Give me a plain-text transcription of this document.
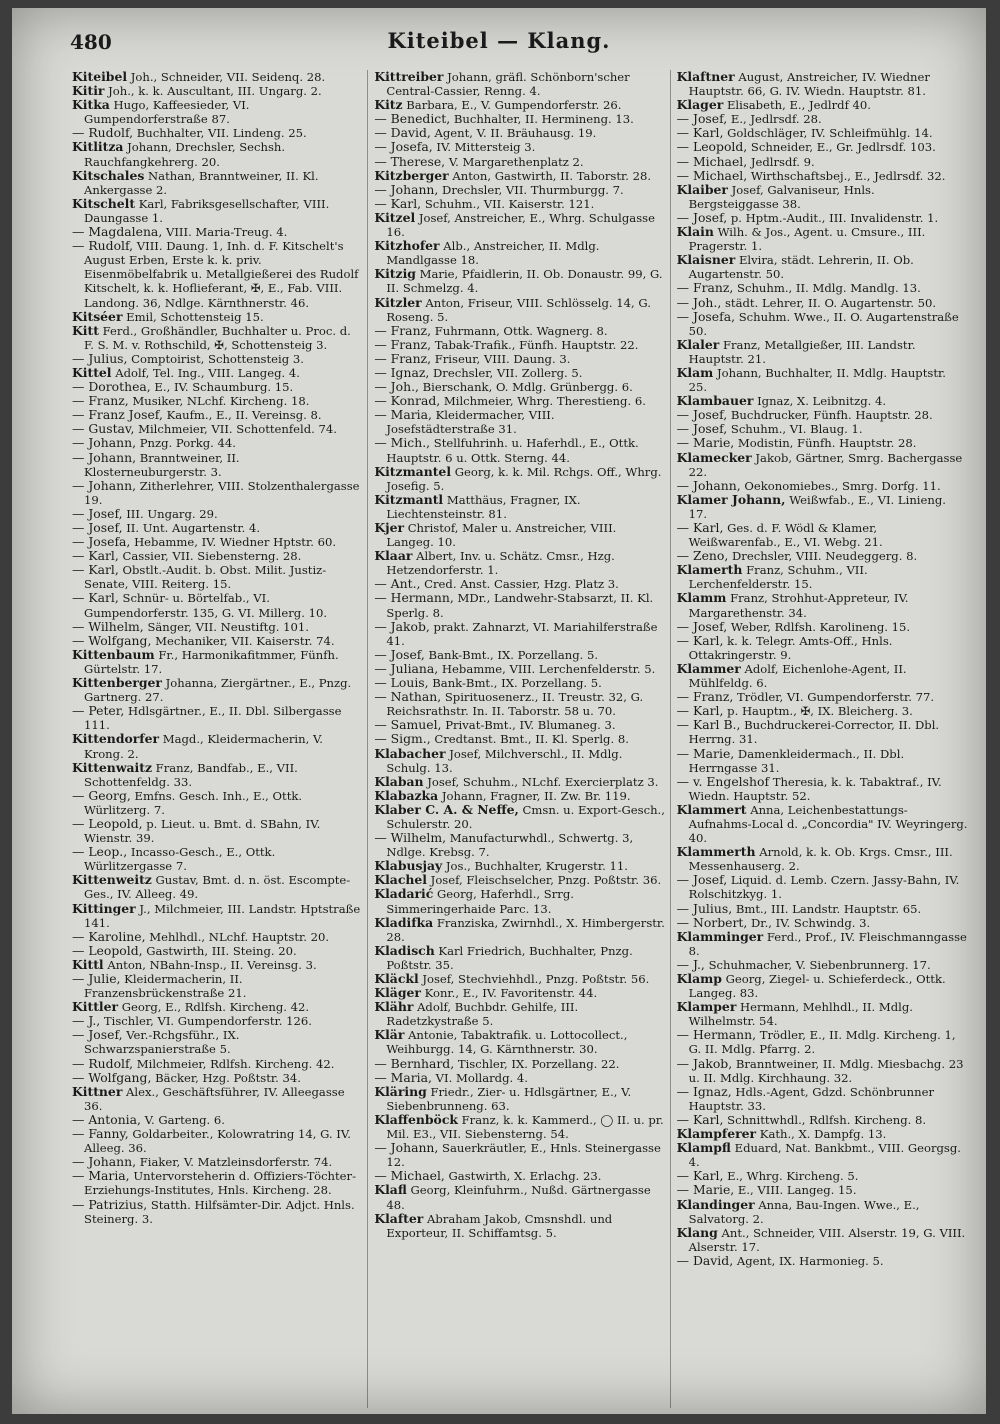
480	Kiteibel — Klang.

Kiteibel Joh., Schneider, VII. Seidenq. 28.

Kitir Joh., k. k. Auscultant, III. Ungarg. 2.

Kitka Hugo, Kaffeesieder, VI. Gumpendorferstraße 87.

— Rudolf, Buchhalter, VII. Lindeng. 25.

Kitlitza Johann, Drechsler, Sechsh. Rauchfangkehrerg. 20.

Kitschales Nathan, Branntweiner, II. Kl. Ankergasse 2.

Kitschelt Karl, Fabriksgesellschafter, VIII. Daungasse 1.

— Magdalena, VIII. Maria-Treug. 4.

— Rudolf, VIII. Daung. 1, Inh. d. F. Kitschelt's August Erben, Erste k. k. priv. Eisenmöbelfabrik u. Metallgießerei des Rudolf Kitschelt, k. k. Hoflieferant, ✠, E., Fab. VIII. Landong. 36, Ndlge. Kärnthnerstr. 46.

Kitséer Emil, Schottensteig 15.

Kitt Ferd., Großhändler, Buchhalter u. Proc. d. F. S. M. v. Rothschild, ✠, Schottensteig 3.

— Julius, Comptoirist, Schottensteig 3.

Kittel Adolf, Tel. Ing., VIII. Langeg. 4.

— Dorothea, E., IV. Schaumburg. 15.

— Franz, Musiker, NLchf. Kircheng. 18.

— Franz Josef, Kaufm., E., II. Vereinsg. 8.

— Gustav, Milchmeier, VII. Schottenfeld. 74.

— Johann, Pnzg. Porkg. 44.

— Johann, Branntweiner, II. Klosterneuburgerstr. 3.

— Johann, Zitherlehrer, VIII. Stolzenthalergasse 19.

— Josef, III. Ungarg. 29.

— Josef, II. Unt. Augartenstr. 4.

— Josefa, Hebamme, IV. Wiedner Hptstr. 60.

— Karl, Cassier, VII. Siebensterng. 28.

— Karl, Obstlt.-Audit. b. Obst. Milit. Justiz-Senate, VIII. Reiterg. 15.

— Karl, Schnür- u. Börtelfab., VI. Gumpendorferstr. 135, G. VI. Millerg. 10.

— Wilhelm, Sänger, VII. Neustiftg. 101.

— Wolfgang, Mechaniker, VII. Kaiserstr. 74.

Kittenbaum Fr., Harmonikafitmmer, Fünfh. Gürtelstr. 17.

Kittenberger Johanna, Ziergärtner., E., Pnzg. Gartnerg. 27.

— Peter, Hdlsgärtner., E., II. Dbl. Silbergasse 111.

Kittendorfer Magd., Kleidermacherin, V. Krong. 2.

Kittenwaitz Franz, Bandfab., E., VII. Schottenfeldg. 33.

— Georg, Emfns. Gesch. Inh., E., Ottk. Würlitzerg. 7.

— Leopold, p. Lieut. u. Bmt. d. SBahn, IV. Wienstr. 39.

— Leop., Incasso-Gesch., E., Ottk. Würlitzergasse 7.

Kittenweitz Gustav, Bmt. d. n. öst. Escompte-Ges., IV. Alleeg. 49.

Kittinger J., Milchmeier, III. Landstr. Hptstraße 141.

— Karoline, Mehlhdl., NLchf. Hauptstr. 20.

— Leopold, Gastwirth, III. Steing. 20.

Kittl Anton, NBahn-Insp., II. Vereinsg. 3.

— Julie, Kleidermacherin, II. Franzensbrückenstraße 21.

Kittler Georg, E., Rdlfsh. Kircheng. 42.

— J., Tischler, VI. Gumpendorferstr. 126.

— Josef, Ver.-Rchgsführ., IX. Schwarzspanierstraße 5.

— Rudolf, Milchmeier, Rdlfsh. Kircheng. 42.

— Wolfgang, Bäcker, Hzg. Poßtstr. 34.

Kittner Alex., Geschäftsführer, IV. Alleegasse 36.

— Antonia, V. Garteng. 6.

— Fanny, Goldarbeiter., Kolowratring 14, G. IV. Alleeg. 36.

— Johann, Fiaker, V. Matzleinsdorferstr. 74.

— Maria, Untervorsteherin d. Offiziers-Töchter-Erziehungs-Institutes, Hnls. Kircheng. 28.

— Patrizius, Statth. Hilfsämter-Dir. Adjct. Hnls. Steinerg. 3.

Kittreiber Johann, gräfl. Schönborn'scher Central-Cassier, Renng. 4.

Kitz Barbara, E., V. Gumpendorferstr. 26.

— Benedict, Buchhalter, II. Hermineng. 13.

— David, Agent, V. II. Bräuhausg. 19.

— Josefa, IV. Mittersteig 3.

— Therese, V. Margarethenplatz 2.

Kitzberger Anton, Gastwirth, II. Taborstr. 28.

— Johann, Drechsler, VII. Thurmburgg. 7.

— Karl, Schuhm., VII. Kaiserstr. 121.

Kitzel Josef, Anstreicher, E., Whrg. Schulgasse 16.

Kitzhofer Alb., Anstreicher, II. Mdlg. Mandlgasse 18.

Kitzig Marie, Pfaidlerin, II. Ob. Donaustr. 99, G. II. Schmelzg. 4.

Kitzler Anton, Friseur, VIII. Schlösselg. 14, G. Roseng. 5.

— Franz, Fuhrmann, Ottk. Wagnerg. 8.

— Franz, Tabak-Trafik., Fünfh. Hauptstr. 22.

— Franz, Friseur, VIII. Daung. 3.

— Ignaz, Drechsler, VII. Zollerg. 5.

— Joh., Bierschank, O. Mdlg. Grünbergg. 6.

— Konrad, Milchmeier, Whrg. Therestieng. 6.

— Maria, Kleidermacher, VIII. Josefstädterstraße 31.

— Mich., Stellfuhrinh. u. Haferhdl., E., Ottk. Hauptstr. 6 u. Ottk. Sterng. 44.

Kitzmantel Georg, k. k. Mil. Rchgs. Off., Whrg. Josefig. 5.

Kitzmantl Matthäus, Fragner, IX. Liechtensteinstr. 81.

Kjer Christof, Maler u. Anstreicher, VIII. Langeg. 10.

Klaar Albert, Inv. u. Schätz. Cmsr., Hzg. Hetzendorferstr. 1.

— Ant., Cred. Anst. Cassier, Hzg. Platz 3.

— Hermann, MDr., Landwehr-Stabsarzt, II. Kl. Sperlg. 8.

— Jakob, prakt. Zahnarzt, VI. Mariahilferstraße 41.

— Josef, Bank-Bmt., IX. Porzellang. 5.

— Juliana, Hebamme, VIII. Lerchenfelderstr. 5.

— Louis, Bank-Bmt., IX. Porzellang. 5.

— Nathan, Spirituosenerz., II. Treustr. 32, G. Reichsrathstr. In. II. Taborstr. 58 u. 70.

— Samuel, Privat-Bmt., IV. Blumaneg. 3.

— Sigm., Credtanst. Bmt., II. Kl. Sperlg. 8.

Klabacher Josef, Milchverschl., II. Mdlg. Schulg. 13.

Klaban Josef, Schuhm., NLchf. Exercierplatz 3.

Klabazka Johann, Fragner, II. Zw. Br. 119.

Klaber C. A. & Neffe, Cmsn. u. Export-Gesch., Schulerstr. 20.

— Wilhelm, Manufacturwhdl., Schwertg. 3, Ndlge. Krebsg. 7.

Klabusjay Jos., Buchhalter, Krugerstr. 11.

Klachel Josef, Fleischselcher, Pnzg. Poßtstr. 36.

Kladarić Georg, Haferhdl., Srrg. Simmeringerhaide Parc. 13.

Kladifka Franziska, Zwirnhdl., X. Himbergerstr. 28.

Kladisch Karl Friedrich, Buchhalter, Pnzg. Poßtstr. 35.

Kläckl Josef, Stechviehhdl., Pnzg. Poßtstr. 56.

Kläger Konr., E., IV. Favoritenstr. 44.

Klähr Adolf, Buchbdr. Gehilfe, III. Radetzkystraße 5.

Klär Antonie, Tabaktrafik. u. Lottocollect., Weihburgg. 14, G. Kärnthnerstr. 30.

— Bernhard, Tischler, IX. Porzellang. 22.

— Maria, VI. Mollardg. 4.

Kläring Friedr., Zier- u. Hdlsgärtner, E., V. Siebenbrunneng. 63.

Klaffenböck Franz, k. k. Kammerd., ◯ II. u. pr. Mil. E3., VII. Siebensterng. 54.

— Johann, Sauerkräutler, E., Hnls. Steinergasse 12.

— Michael, Gastwirth, X. Erlachg. 23.

Klafl Georg, Kleinfuhrm., Nußd. Gärtnergasse 48.

Klafter Abraham Jakob, Cmsnshdl. und Exporteur, II. Schiffamtsg. 5.

Klaftner August, Anstreicher, IV. Wiedner Hauptstr. 66, G. IV. Wiedn. Hauptstr. 81.

Klager Elisabeth, E., Jedlrdf 40.

— Josef, E., Jedlrsdf. 28.

— Karl, Goldschläger, IV. Schleifmühlg. 14.

— Leopold, Schneider, E., Gr. Jedlrsdf. 103.

— Michael, Jedlrsdf. 9.

— Michael, Wirthschaftsbej., E., Jedlrsdf. 32.

Klaiber Josef, Galvaniseur, Hnls. Bergsteiggasse 38.

— Josef, p. Hptm.-Audit., III. Invalidenstr. 1.

Klain Wilh. & Jos., Agent. u. Cmsure., III. Pragerstr. 1.

Klaisner Elvira, städt. Lehrerin, II. Ob. Augartenstr. 50.

— Franz, Schuhm., II. Mdlg. Mandlg. 13.

— Joh., städt. Lehrer, II. O. Augartenstr. 50.

— Josefa, Schuhm. Wwe., II. O. Augartenstraße 50.

Klaler Franz, Metallgießer, III. Landstr. Hauptstr. 21.

Klam Johann, Buchhalter, II. Mdlg. Hauptstr. 25.

Klambauer Ignaz, X. Leibnitzg. 4.

— Josef, Buchdrucker, Fünfh. Hauptstr. 28.

— Josef, Schuhm., VI. Blaug. 1.

— Marie, Modistin, Fünfh. Hauptstr. 28.

Klamecker Jakob, Gärtner, Smrg. Bachergasse 22.

— Johann, Oekonomiebes., Smrg. Dorfg. 11.

Klamer Johann, Weißwfab., E., VI. Linieng. 17.

— Karl, Ges. d. F. Wödl & Klamer, Weißwarenfab., E., VI. Webg. 21.

— Zeno, Drechsler, VIII. Neudeggerg. 8.

Klamerth Franz, Schuhm., VII. Lerchenfelderstr. 15.

Klamm Franz, Strohhut-Appreteur, IV. Margarethenstr. 34.

— Josef, Weber, Rdlfsh. Karolineng. 15.

— Karl, k. k. Telegr. Amts-Off., Hnls. Ottakringerstr. 9.

Klammer Adolf, Eichenlohe-Agent, II. Mühlfeldg. 6.

— Franz, Trödler, VI. Gumpendorferstr. 77.

— Karl, p. Hauptm., ✠, IX. Bleicherg. 3.

— Karl B., Buchdruckerei-Corrector, II. Dbl. Herrng. 31.

— Marie, Damenkleidermach., II. Dbl. Herrngasse 31.

— v. Engelshof Theresia, k. k. Tabaktraf., IV. Wiedn. Hauptstr. 52.

Klammert Anna, Leichenbestattungs-Aufnahms-Local d. „Concordia" IV. Weyringerg. 40.

Klammerth Arnold, k. k. Ob. Krgs. Cmsr., III. Messenhauserg. 2.

— Josef, Liquid. d. Lemb. Czern. Jassy-Bahn, IV. Rolschitzkyg. 1.

— Julius, Bmt., III. Landstr. Hauptstr. 65.

— Norbert, Dr., IV. Schwindg. 3.

Klamminger Ferd., Prof., IV. Fleischmanngasse 8.

— J., Schuhmacher, V. Siebenbrunnerg. 17.

Klamp Georg, Ziegel- u. Schieferdeck., Ottk. Langeg. 83.

Klamper Hermann, Mehlhdl., II. Mdlg. Wilhelmstr. 54.

— Hermann, Trödler, E., II. Mdlg. Kircheng. 1, G. II. Mdlg. Pfarrg. 2.

— Jakob, Branntweiner, II. Mdlg. Miesbachg. 23 u. II. Mdlg. Kirchhaung. 32.

— Ignaz, Hdls.-Agent, Gdzd. Schönbrunner Hauptstr. 33.

— Karl, Schnittwhdl., Rdlfsh. Kircheng. 8.

Klampferer Kath., X. Dampfg. 13.

Klampfl Eduard, Nat. Bankbmt., VIII. Georgsg. 4.

— Karl, E., Whrg. Kircheng. 5.

— Marie, E., VIII. Langeg. 15.

Klandinger Anna, Bau-Ingen. Wwe., E., Salvatorg. 2.

Klang Ant., Schneider, VIII. Alserstr. 19, G. VIII. Alserstr. 17.

— David, Agent, IX. Harmonieg. 5.
